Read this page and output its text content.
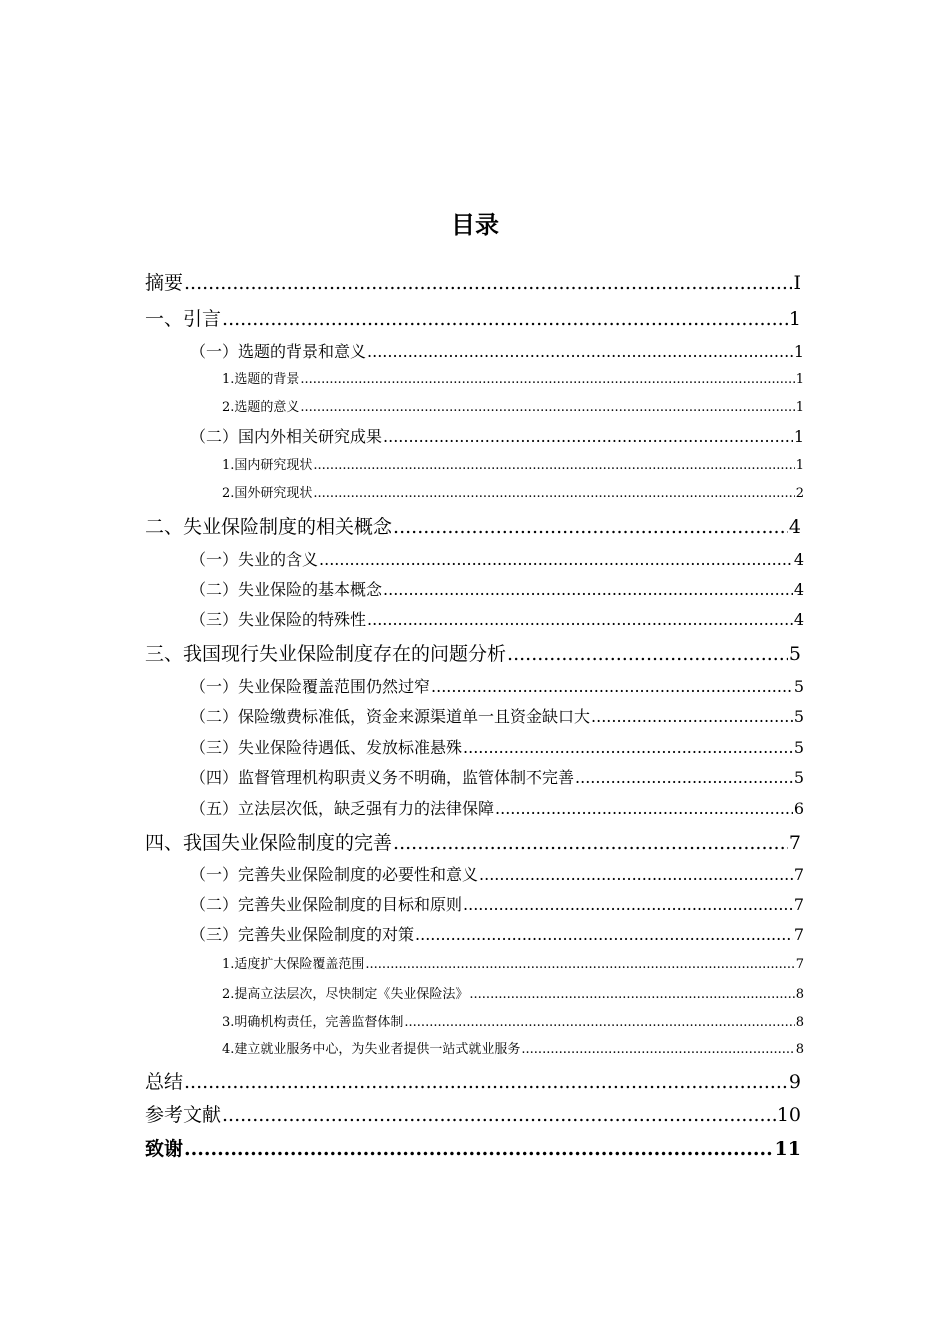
目录
摘要 .....	I
一、 引言 .....	1
（一）选题的背景和意义 .....	1
1.选题的背景 .....	1
2.选题的意义 .....	1
（二）国内外相关研究成果 .....	1
1.国内研究现状 .....	1
2.国外研究现状 .....	2
二、 失业保险制度的相关概念 .....	4
（一）失业的含义 .....	4
（二）失业保险的基本概念 .....	4
（三）失业保险的特殊性 .....	4
三、 我国现行失业保险制度存在的问题分析 .....	5
（一）失业保险覆盖范围仍然过窄 .....	5
（二）保险缴费标准低，资金来源渠道单一且资金缺口大 .....	5
（三）失业保险待遇低、发放标准悬殊 .....	5
（四）监督管理机构职责义务不明确，监管体制不完善 .....	5
（五）立法层次低，缺乏强有力的法律保障 .....	6
四、 我国失业保险制度的完善 .....	7
（一）完善失业保险制度的必要性和意义 .....	7
（二）完善失业保险制度的目标和原则 .....	7
（三）完善失业保险制度的对策 .....	7
1.适度扩大保险覆盖范围 .....	7
2.提高立法层次，尽快制定《失业保险法》 .....	8
3.明确机构责任，完善监督体制 .....	8
4.建立就业服务中心，为失业者提供一站式就业服务 .....	8
总结 .....	9
参考文献 .....	10
致谢 .....	11
